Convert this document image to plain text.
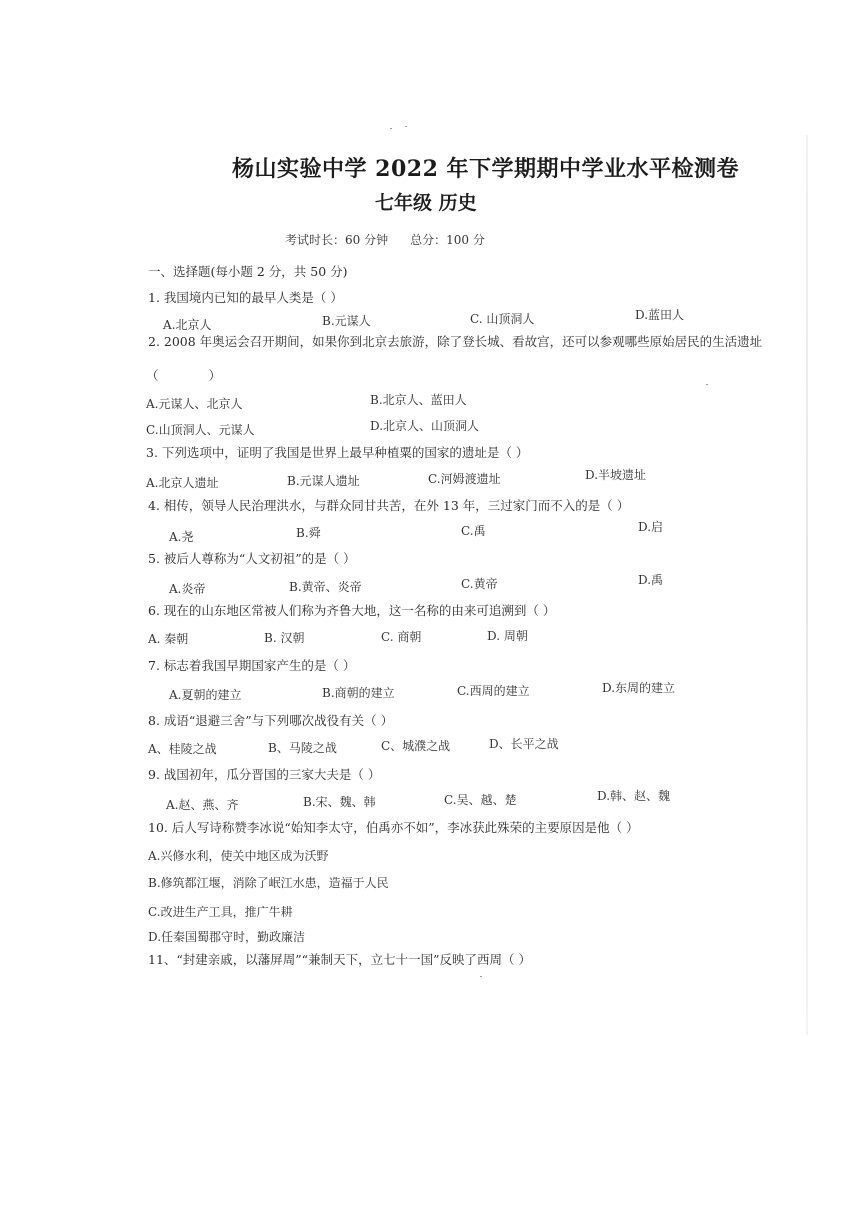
杨山实验中学 2022 年下学期期中学业水平检测卷
七年级 历史
考试时长：60 分钟 总分：100 分
一、选择题(每小题 2 分，共 50 分)
1. 我国境内已知的最早人类是（ ）
A.北京人	B.元谋人	C. 山顶洞人	D.蓝田人
2. 2008 年奥运会召开期间，如果你到北京去旅游，除了登长城、看故宫，还可以参观哪些原始居民的生活遗址
（　　　　）
A.元谋人、北京人	B.北京人、蓝田人
C.山顶洞人、元谋人	D.北京人、山顶洞人
3. 下列选项中，证明了我国是世界上最早种植粟的国家的遗址是（ ）
A.北京人遗址	B.元谋人遗址	C.河姆渡遗址	D.半坡遗址
4. 相传，领导人民治理洪水，与群众同甘共苦，在外 13 年，三过家门而不入的是（ ）
A.尧	B.舜	C.禹	D.启
5. 被后人尊称为“人文初祖”的是（ ）
A.炎帝	B.黄帝、炎帝	C.黄帝	D.禹
6. 现在的山东地区常被人们称为齐鲁大地，这一名称的由来可追溯到（ ）
A. 秦朝	B. 汉朝	C. 商朝	D. 周朝
7. 标志着我国早期国家产生的是（ ）
A.夏朝的建立	B.商朝的建立	C.西周的建立	D.东周的建立
8. 成语“退避三舍”与下列哪次战役有关（ ）
A、桂陵之战	B、马陵之战	C、城濮之战	D、长平之战
9. 战国初年，瓜分晋国的三家大夫是（ ）
A.赵、燕、齐	B.宋、魏、韩	C.吴、越、楚	D.韩、赵、魏
10. 后人写诗称赞李冰说“始知李太守，伯禹亦不如”，李冰获此殊荣的主要原因是他（ ）
A.兴修水利，使关中地区成为沃野
B.修筑都江堰，消除了岷江水患，造福于人民
C.改进生产工具，推广牛耕
D.任秦国蜀郡守时，勤政廉洁
11、“封建亲戚，以藩屏周”“兼制天下，立七十一国”反映了西周（ ）
